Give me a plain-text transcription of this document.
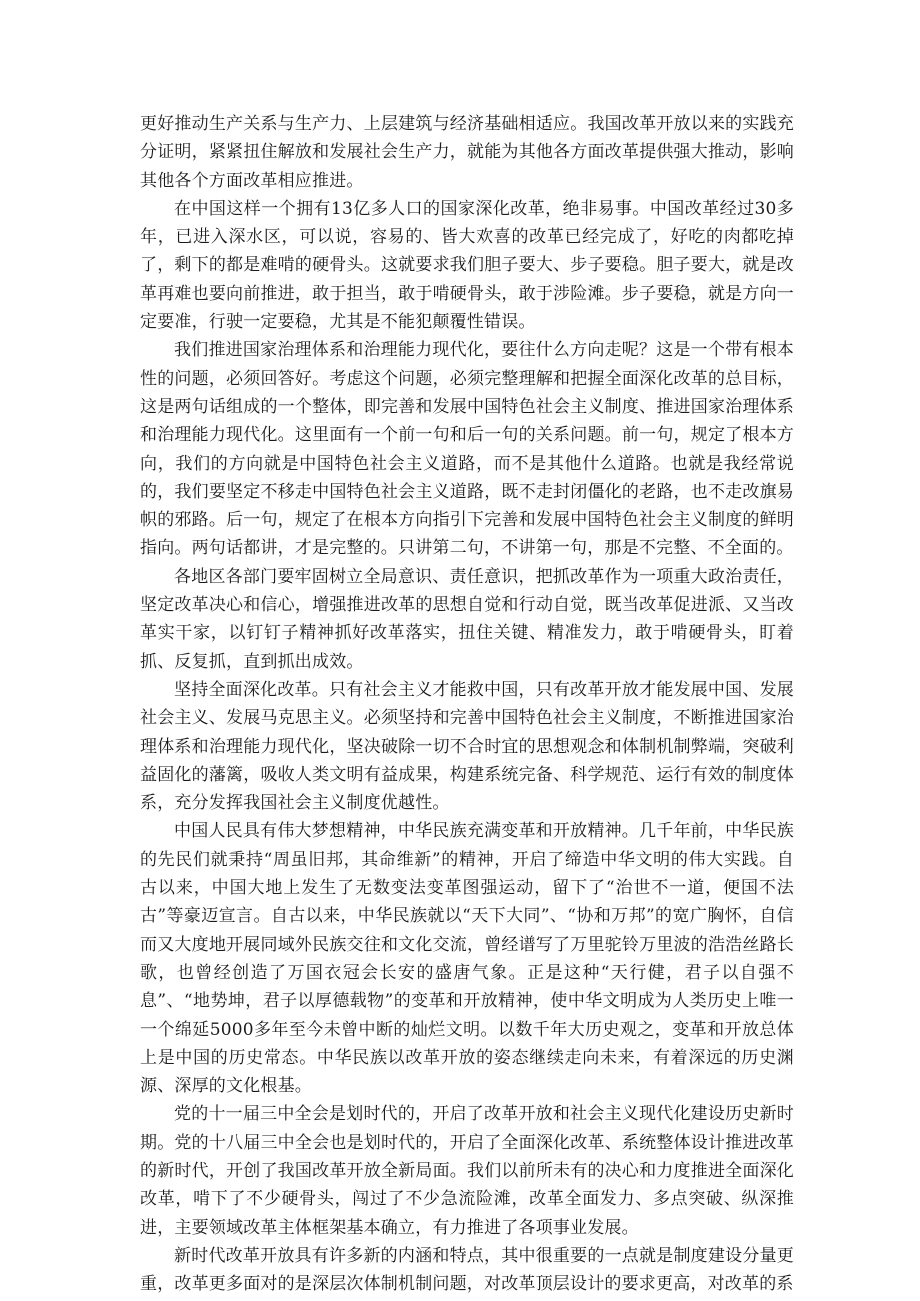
更好推动生产关系与生产力、上层建筑与经济基础相适应。我国改革开放以来的实践充分证明，紧紧扭住解放和发展社会生产力，就能为其他各方面改革提供强大推动，影响其他各个方面改革相应推进。

在中国这样一个拥有13亿多人口的国家深化改革，绝非易事。中国改革经过30多年，已进入深水区，可以说，容易的、皆大欢喜的改革已经完成了，好吃的肉都吃掉了，剩下的都是难啃的硬骨头。这就要求我们胆子要大、步子要稳。胆子要大，就是改革再难也要向前推进，敢于担当，敢于啃硬骨头，敢于涉险滩。步子要稳，就是方向一定要准，行驶一定要稳，尤其是不能犯颠覆性错误。

我们推进国家治理体系和治理能力现代化，要往什么方向走呢？这是一个带有根本性的问题，必须回答好。考虑这个问题，必须完整理解和把握全面深化改革的总目标，这是两句话组成的一个整体，即完善和发展中国特色社会主义制度、推进国家治理体系和治理能力现代化。这里面有一个前一句和后一句的关系问题。前一句，规定了根本方向，我们的方向就是中国特色社会主义道路，而不是其他什么道路。也就是我经常说的，我们要坚定不移走中国特色社会主义道路，既不走封闭僵化的老路，也不走改旗易帜的邪路。后一句，规定了在根本方向指引下完善和发展中国特色社会主义制度的鲜明指向。两句话都讲，才是完整的。只讲第二句，不讲第一句，那是不完整、不全面的。

各地区各部门要牢固树立全局意识、责任意识，把抓改革作为一项重大政治责任，坚定改革决心和信心，增强推进改革的思想自觉和行动自觉，既当改革促进派、又当改革实干家，以钉钉子精神抓好改革落实，扭住关键、精准发力，敢于啃硬骨头，盯着抓、反复抓，直到抓出成效。

坚持全面深化改革。只有社会主义才能救中国，只有改革开放才能发展中国、发展社会主义、发展马克思主义。必须坚持和完善中国特色社会主义制度，不断推进国家治理体系和治理能力现代化，坚决破除一切不合时宜的思想观念和体制机制弊端，突破利益固化的藩篱，吸收人类文明有益成果，构建系统完备、科学规范、运行有效的制度体系，充分发挥我国社会主义制度优越性。

中国人民具有伟大梦想精神，中华民族充满变革和开放精神。几千年前，中华民族的先民们就秉持“周虽旧邦，其命维新”的精神，开启了缔造中华文明的伟大实践。自古以来，中国大地上发生了无数变法变革图强运动，留下了“治世不一道，便国不法古”等豪迈宣言。自古以来，中华民族就以“天下大同”、“协和万邦”的宽广胸怀，自信而又大度地开展同域外民族交往和文化交流，曾经谱写了万里驼铃万里波的浩浩丝路长歌，也曾经创造了万国衣冠会长安的盛唐气象。正是这种“天行健，君子以自强不息”、“地势坤，君子以厚德载物”的变革和开放精神，使中华文明成为人类历史上唯一一个绵延5000多年至今未曾中断的灿烂文明。以数千年大历史观之，变革和开放总体上是中国的历史常态。中华民族以改革开放的姿态继续走向未来，有着深远的历史渊源、深厚的文化根基。

党的十一届三中全会是划时代的，开启了改革开放和社会主义现代化建设历史新时期。党的十八届三中全会也是划时代的，开启了全面深化改革、系统整体设计推进改革的新时代，开创了我国改革开放全新局面。我们以前所未有的决心和力度推进全面深化改革，啃下了不少硬骨头，闯过了不少急流险滩，改革全面发力、多点突破、纵深推进，主要领域改革主体框架基本确立，有力推进了各项事业发展。

新时代改革开放具有许多新的内涵和特点，其中很重要的一点就是制度建设分量更重，改革更多面对的是深层次体制机制问题，对改革顶层设计的要求更高，对改革的系
